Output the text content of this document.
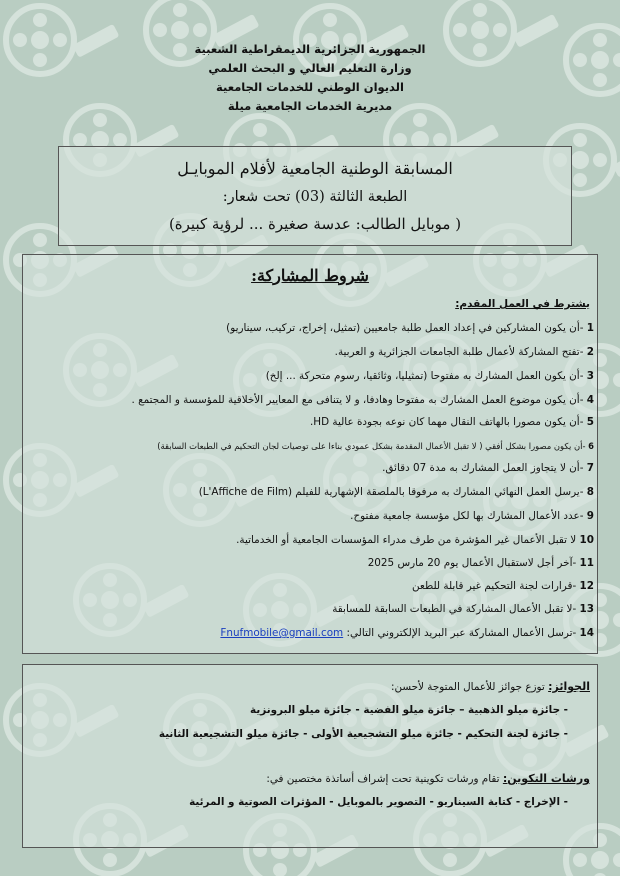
الجمهورية الجزائرية الديمقراطية الشعبية
وزارة التعليم العالي و البحث العلمي
الديوان الوطني للخدمات الجامعية
مديرية الخدمات الجامعية ميلة
المسابقة الوطنية الجامعية لأفلام الموبايـل
الطبعة الثالثة (03) تحت شعار:
( موبايل الطالب: عدسة صغيرة ... لرؤية كبيرة)
شروط المشاركة:
يشترط في العمل المقدم:
1 -أن يكون المشاركين في إعداد العمل طلبة جامعيين (تمثيل، إخراج، تركيب، سيناريو)
2 -تفتح المشاركة لأعمال طلبة الجامعات الجزائرية و العربية.
3 -أن يكون العمل المشارك به مفتوحا (تمثيليا، وثائقيا، رسوم متحركة ... إلخ)
4 -أن يكون موضوع العمل المشارك به مفتوحا وهادفا، و لا يتنافى مع المعايير الأخلاقية للمؤسسة و المجتمع .
5 -أن يكون مصورا بالهاتف النقال مهما كان نوعه بجودة عالية HD.
6 -أن يكون مصورا بشكل أفقي ( لا تقبل الأعمال المقدمة بشكل عمودي بناءا على توصيات لجان التحكيم في الطبعات السابقة)
7 -أن لا يتجاوز العمل المشارك به مدة 07 دقائق.
8 -يرسل العمل النهائي المشارك به مرفوقا بالملصقة الإشهارية للفيلم (L'Affiche de Film)
9 -عدد الأعمال المشارك بها لكل مؤسسة جامعية مفتوح.
10 لا تقبل الأعمال غير المؤشرة من طرف مدراء المؤسسات الجامعية أو الخدماتية.
11 -آخر أجل لاستقبال الأعمال يوم 20 مارس 2025
12 -قرارات لجنة التحكيم غير قابلة للطعن
13 -لا تقبل الأعمال المشاركة في الطبعات السابقة للمسابقة
14 -ترسل الأعمال المشاركة عبر البريد الإلكتروني التالي: Fnufmobile@gmail.com
الجوائز: توزع جوائز للأعمال المتوجة لأحسن:
- جائزة ميلو الذهبية – جائزة ميلو الفضية - جائزة ميلو البرونزية
- جائزة لجنة التحكيم - جائزة ميلو التشجيعية الأولى - جائزة ميلو التشجيعية الثانية
ورشات التكوين: تقام ورشات تكوينية تحت إشراف أساتذة مختصين في:
- الإخراج - كتابة السيناريو - التصوير بالموبايل - المؤثرات الصوتية و المرئية
